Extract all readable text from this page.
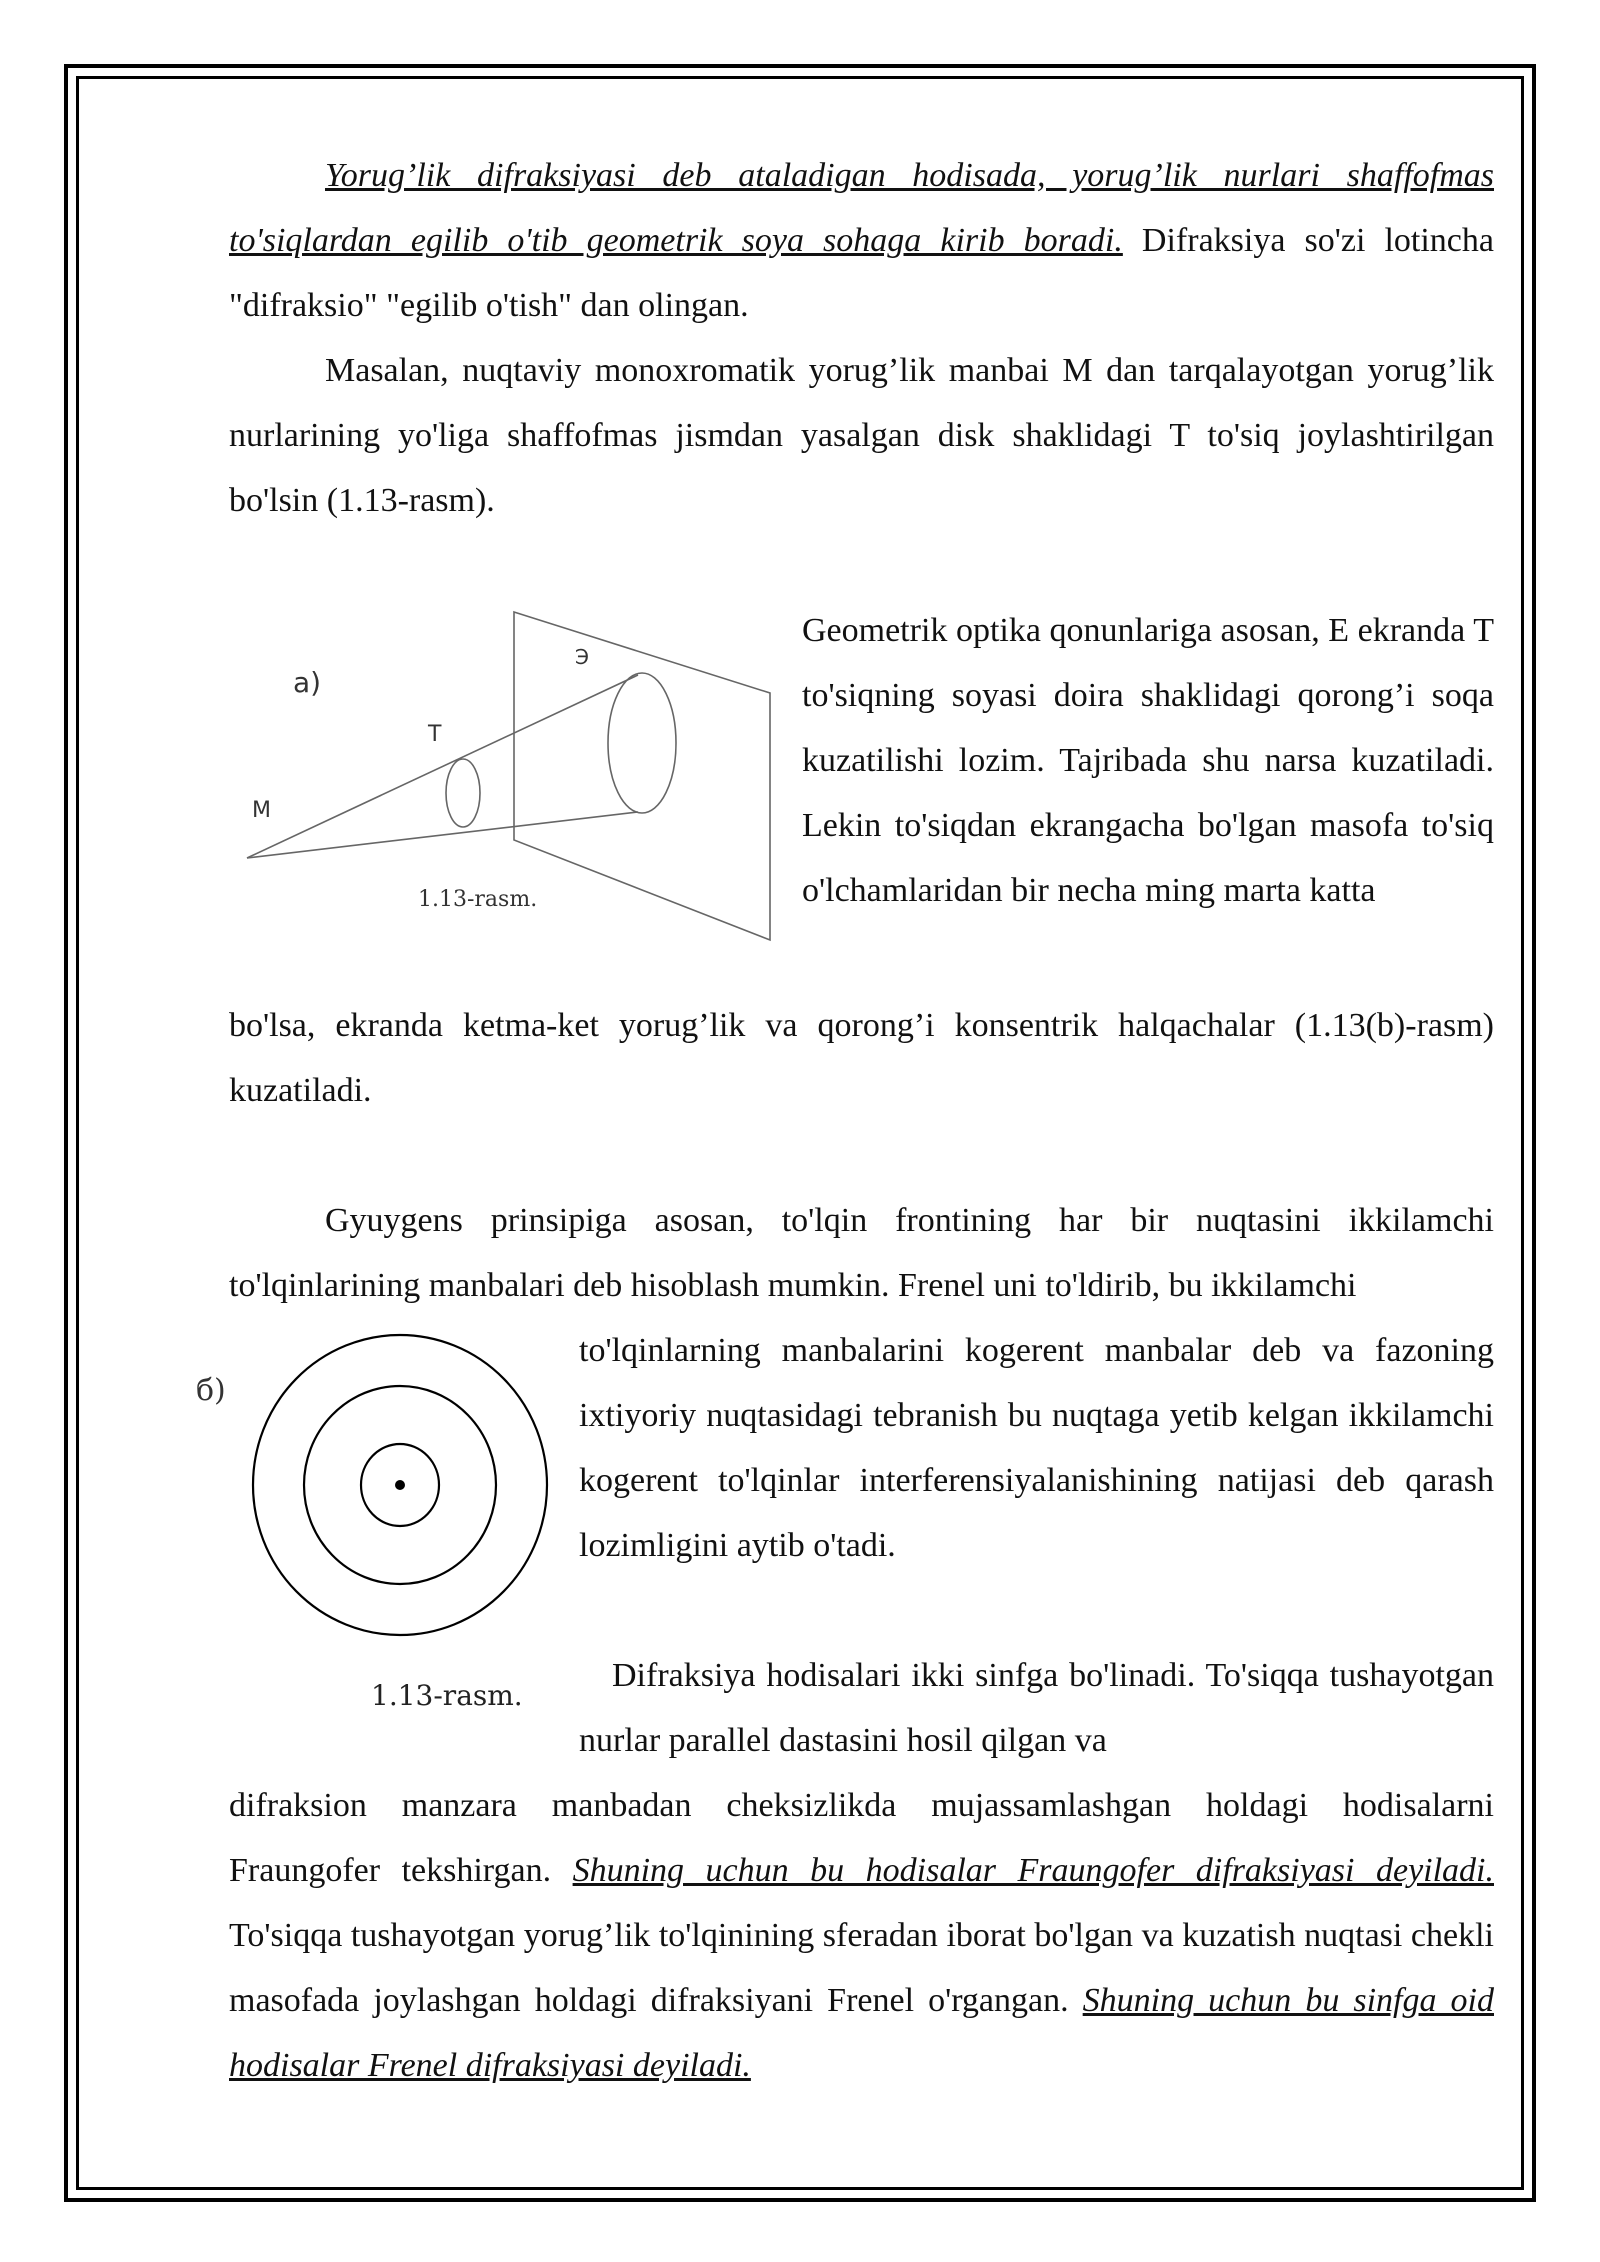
Yorug’lik difraksiyasi deb ataladigan hodisada, yorug’lik nurlari shaffofmas to'siqlardan egilib o'tib geometrik soya sohaga kirib boradi. Difraksiya so'zi lotincha "difraksio" "egilib o'tish" dan olingan.

Masalan, nuqtaviy monoxromatik yorug’lik manbai M dan tarqalayotgan yorug’lik nurlarining yo'liga shaffofmas jismdan yasalgan disk shaklidagi T to'siq joylashtirilgan bo'lsin (1.13-rasm).

a)
M
T
Э
1.13-rasm.

Geometrik optika qonunlariga asosan, E ekranda T to'siqning soyasi doira shaklidagi qorong’i soqa kuzatilishi lozim. Tajribada shu narsa kuzatiladi. Lekin to'siqdan ekrangacha bo'lgan masofa to'siq o'lchamlaridan bir necha ming marta katta

bo'lsa, ekranda ketma-ket yorug’lik va qorong’i konsentrik halqachalar (1.13(b)-rasm) kuzatiladi.

Gyuygens prinsipiga asosan, to'lqin frontining har bir nuqtasini ikkilamchi to'lqinlarining manbalari deb hisoblash mumkin. Frenel uni to'ldirib, bu ikkilamchi

б)
1.13-rasm.

to'lqinlarning manbalarini kogerent manbalar deb va fazoning ixtiyoriy nuqtasidagi tebranish bu nuqtaga yetib kelgan ikkilamchi kogerent to'lqinlar interferensiyalanishining natijasi deb qarash lozimligini aytib o'tadi.

Difraksiya hodisalari ikki sinfga bo'linadi. To'siqqa tushayotgan nurlar parallel dastasini hosil qilgan va

difraksion manzara manbadan cheksizlikda mujassamlashgan holdagi hodisalarni Fraungofer tekshirgan. Shuning uchun bu hodisalar Fraungofer difraksiyasi deyiladi. To'siqqa tushayotgan yorug’lik to'lqinining sferadan iborat bo'lgan va kuzatish nuqtasi chekli masofada joylashgan holdagi difraksiyani Frenel o'rgangan. Shuning uchun bu sinfga oid hodisalar Frenel difraksiyasi deyiladi.
